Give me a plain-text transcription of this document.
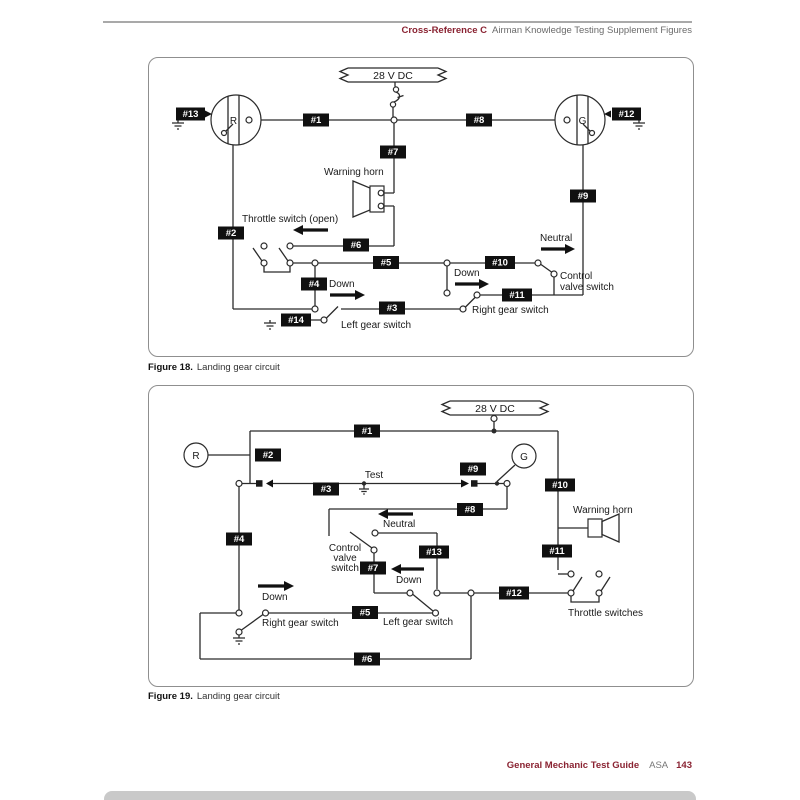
Cross-Reference C Airman Knowledge Testing Supplement Figures
28 V DC
R	G
Warning horn
Throttle switch (open)
Down
Down
Neutral
Control
valve switch
Left gear switch
Right gear switch
#1	#8
#13	#12
#7
#2
#6
#5	#10
#9
#4
#3
#11
#14
Figure 18. Landing gear circuit
28 V DC
Test
R	G
Neutral
Control
valve
switch
Down
Left gear switch
Down
Right gear switch
Warning horn
Throttle switches
#1
#2
#3
#9
#10
#8
#13
#7
#4
#11
#12
#5
#6
Figure 19. Landing gear circuit
General Mechanic Test Guide ASA 143
